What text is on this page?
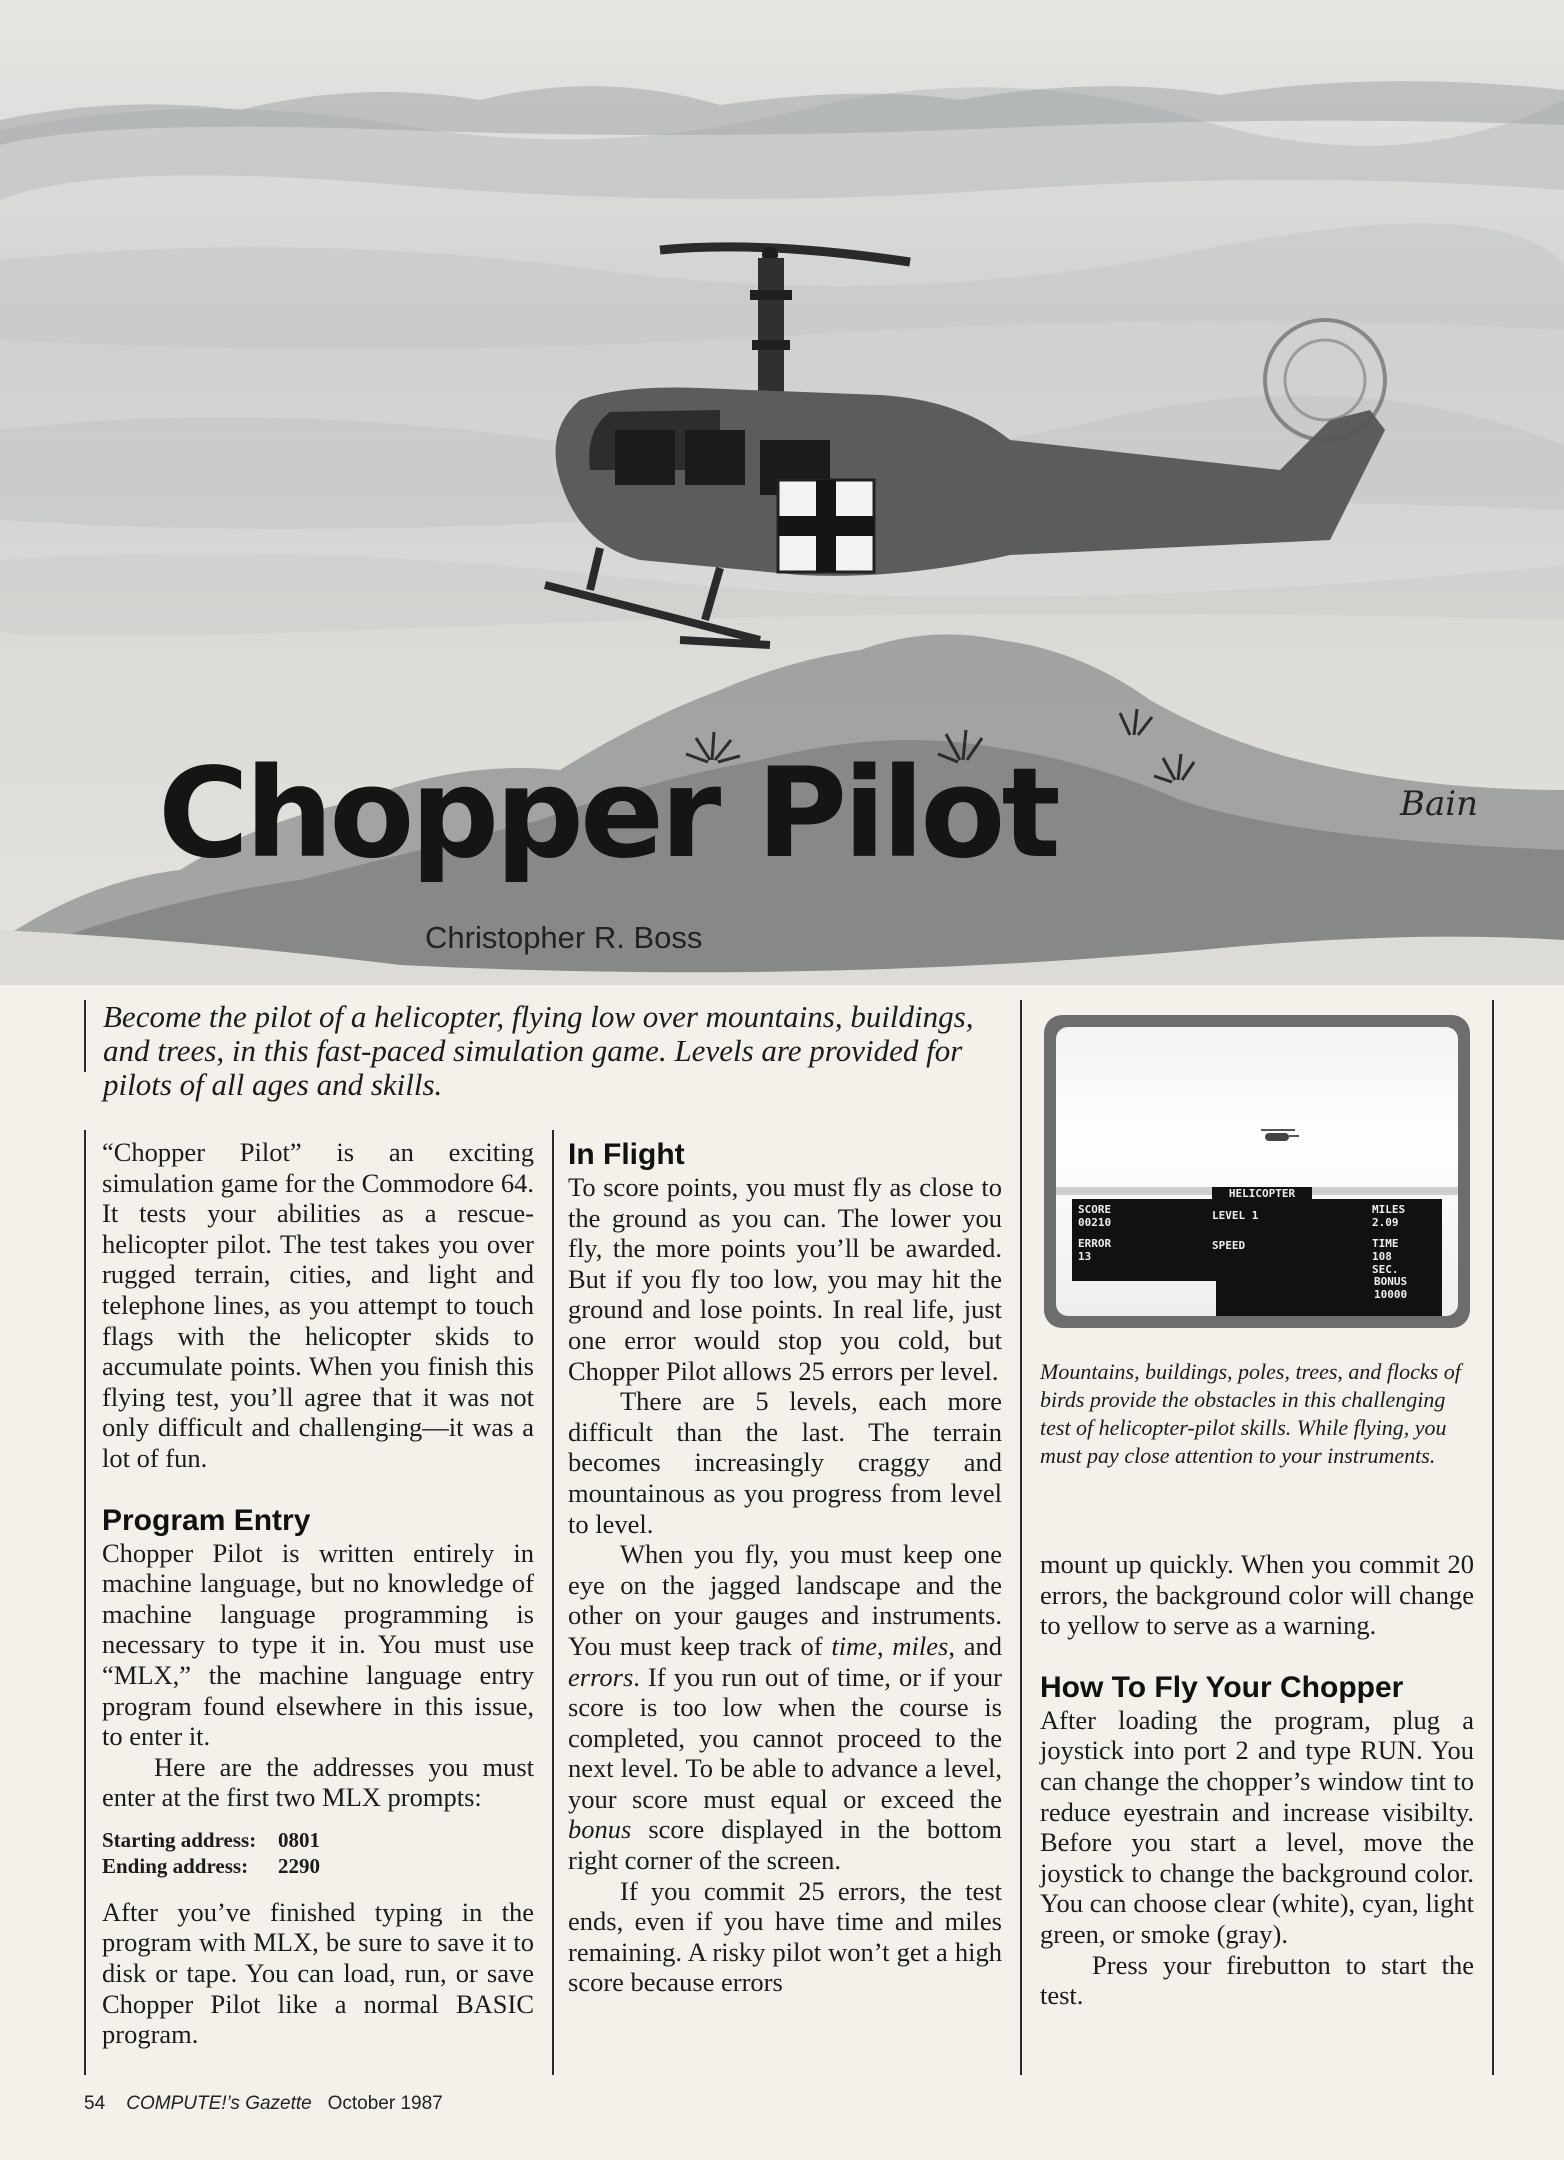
Bain
Chopper Pilot
Christopher R. Boss
Become the pilot of a helicopter, flying low over mountains, buildings, and trees, in this fast-paced simulation game. Levels are provided for pilots of all ages and skills.

“Chopper Pilot” is an exciting simulation game for the Commodore 64. It tests your abilities as a rescue-helicopter pilot. The test takes you over rugged terrain, cities, and light and telephone lines, as you attempt to touch flags with the helicopter skids to accumulate points. When you finish this flying test, you’ll agree that it was not only difficult and challenging—it was a lot of fun.

Program Entry

Chopper Pilot is written entirely in machine language, but no knowledge of machine language programming is necessary to type it in. You must use “MLX,” the machine language entry program found elsewhere in this issue, to enter it.

Here are the addresses you must enter at the first two MLX prompts:

Starting address:	0801
Ending address:	2290

After you’ve finished typing in the program with MLX, be sure to save it to disk or tape. You can load, run, or save Chopper Pilot like a normal BASIC program.

In Flight

To score points, you must fly as close to the ground as you can. The lower you fly, the more points you’ll be awarded. But if you fly too low, you may hit the ground and lose points. In real life, just one error would stop you cold, but Chopper Pilot allows 25 errors per level.

There are 5 levels, each more difficult than the last. The terrain becomes increasingly craggy and mountainous as you progress from level to level.

When you fly, you must keep one eye on the jagged landscape and the other on your gauges and instruments. You must keep track of time, miles, and errors. If you run out of time, or if your score is too low when the course is completed, you cannot proceed to the next level. To be able to advance a level, your score must equal or exceed the bonus score displayed in the bottom right corner of the screen.

If you commit 25 errors, the test ends, even if you have time and miles remaining. A risky pilot won’t get a high score because errors

HELICOPTER
SCORE
00210
ERROR
13
LEVEL 1
SPEED
MILES
2.09
TIME
108
SEC.
BONUS
10000
Mountains, buildings, poles, trees, and flocks of birds provide the obstacles in this challenging test of helicopter-pilot skills. While flying, you must pay close attention to your instruments.

mount up quickly. When you commit 20 errors, the background color will change to yellow to serve as a warning.

How To Fly Your Chopper

After loading the program, plug a joystick into port 2 and type RUN. You can change the chopper’s window tint to reduce eyestrain and increase visibilty. Before you start a level, move the joystick to change the background color. You can choose clear (white), cyan, light green, or smoke (gray).

Press your firebutton to start the test.

54 COMPUTE!’s Gazette October 1987
